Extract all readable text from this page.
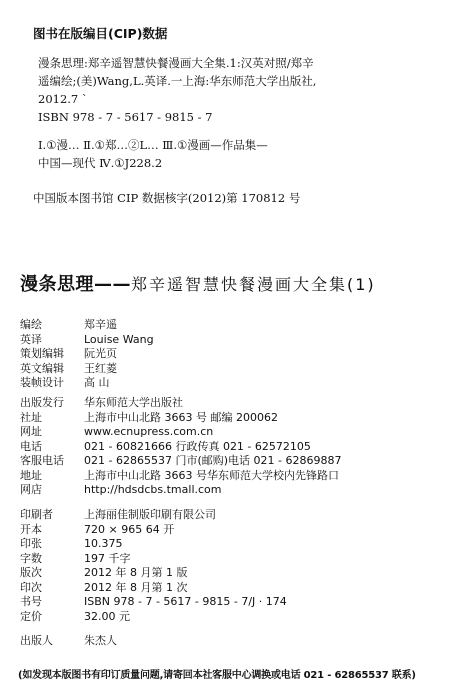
图书在版编目(CIP)数据
漫条思理:郑辛遥智慧快餐漫画大全集.1:汉英对照/郑辛
遥编绘;(美)Wang,L.英译.一上海:华东师范大学出版社,
2012.7 `
ISBN 978 - 7 - 5617 - 9815 - 7
Ⅰ.①漫… Ⅱ.①郑…②L… Ⅲ.①漫画—作品集—
中国—现代 Ⅳ.①J228.2
中国版本图书馆 CIP 数据核字(2012)第 170812 号
漫条思理——郑辛遥智慧快餐漫画大全集(1)
编绘	郑辛遥
英译	Louise Wang
策划编辑	阮光页
英文编辑	王红菱
装帧设计	高 山
出版发行	华东师范大学出版社
社址	上海市中山北路 3663 号 邮编 200062
网址	www.ecnupress.com.cn
电话	021 - 60821666 行政传真 021 - 62572105
客服电话	021 - 62865537 门市(邮购)电话 021 - 62869887
地址	上海市中山北路 3663 号华东师范大学校内先锋路口
网店	http://hdsdcbs.tmall.com
印刷者	上海丽佳制版印刷有限公司
开本	720 × 965 64 开
印张	10.375
字数	197 千字
版次	2012 年 8 月第 1 版
印次	2012 年 8 月第 1 次
书号	ISBN 978 - 7 - 5617 - 9815 - 7/J · 174
定价	32.00 元
出版人	朱杰人
(如发现本版图书有印订质量问题,请寄回本社客服中心调换或电话 021 - 62865537 联系)
